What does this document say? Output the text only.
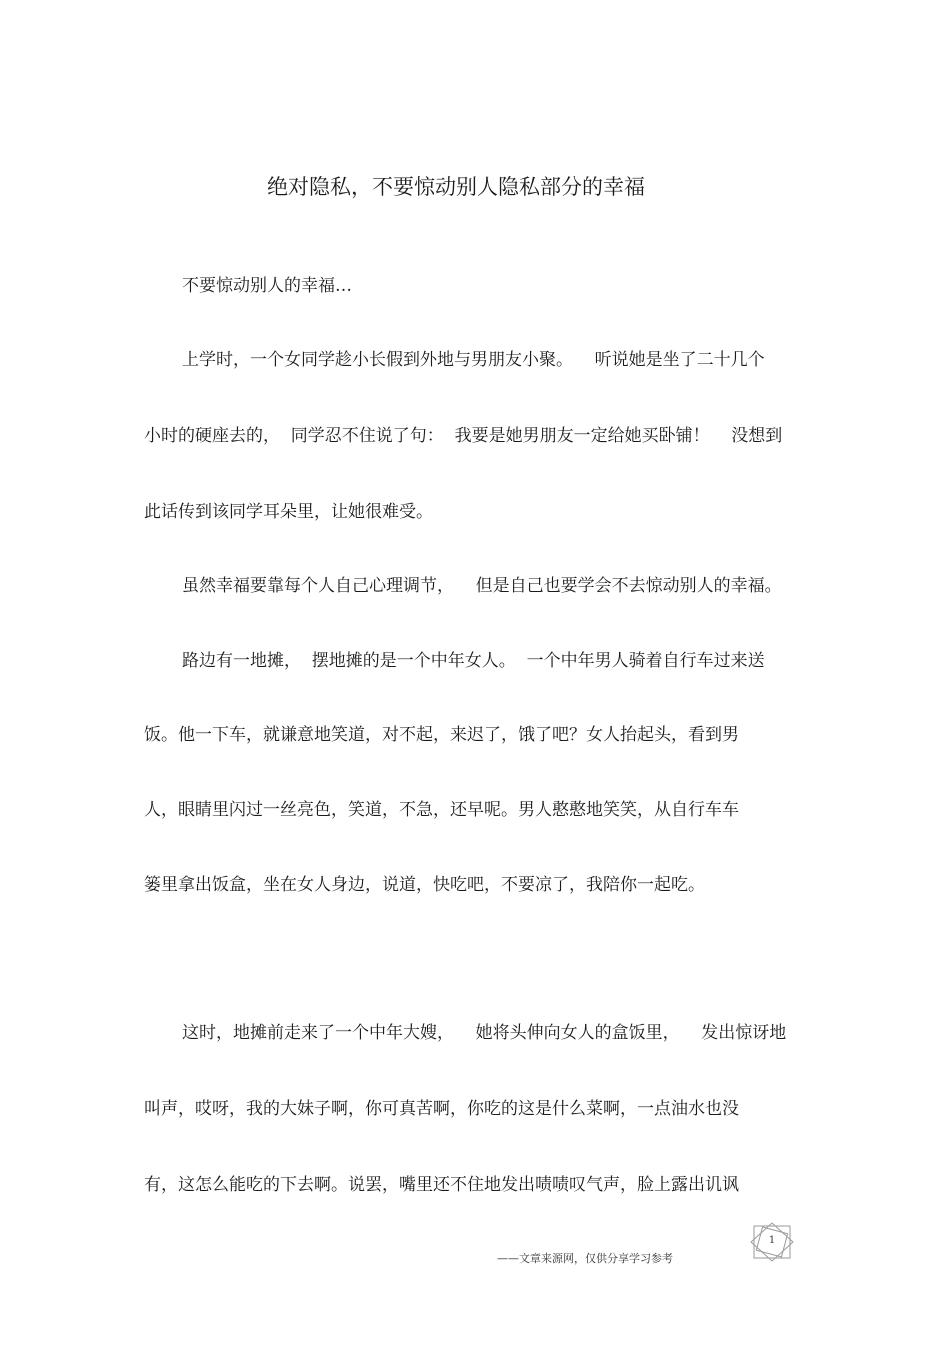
绝对隐私，不要惊动别人隐私部分的幸福

不要惊动别人的幸福…

上学时，一个女同学趁小长假到外地与男朋友小聚。    听说她是坐了二十几个

小时的硬座去的，  同学忍不住说了句：  我要是她男朋友一定给她买卧铺！    没想到

此话传到该同学耳朵里，让她很难受。

虽然幸福要靠每个人自己心理调节，    但是自己也要学会不去惊动别人的幸福。

路边有一地摊，  摆地摊的是一个中年女人。  一个中年男人骑着自行车过来送

饭。他一下车，就谦意地笑道，对不起，来迟了，饿了吧？女人抬起头，看到男

人，眼睛里闪过一丝亮色，笑道，不急，还早呢。男人憨憨地笑笑，从自行车车

篓里拿出饭盒，坐在女人身边，说道，快吃吧，不要凉了，我陪你一起吃。

这时，地摊前走来了一个中年大嫂，    她将头伸向女人的盒饭里，    发出惊讶地

叫声，哎呀，我的大妹子啊，你可真苦啊，你吃的这是什么菜啊，一点油水也没

有，这怎么能吃的下去啊。说罢，嘴里还不住地发出啧啧叹气声，脸上露出讥讽

——文章来源网，仅供分享学习参考
1
